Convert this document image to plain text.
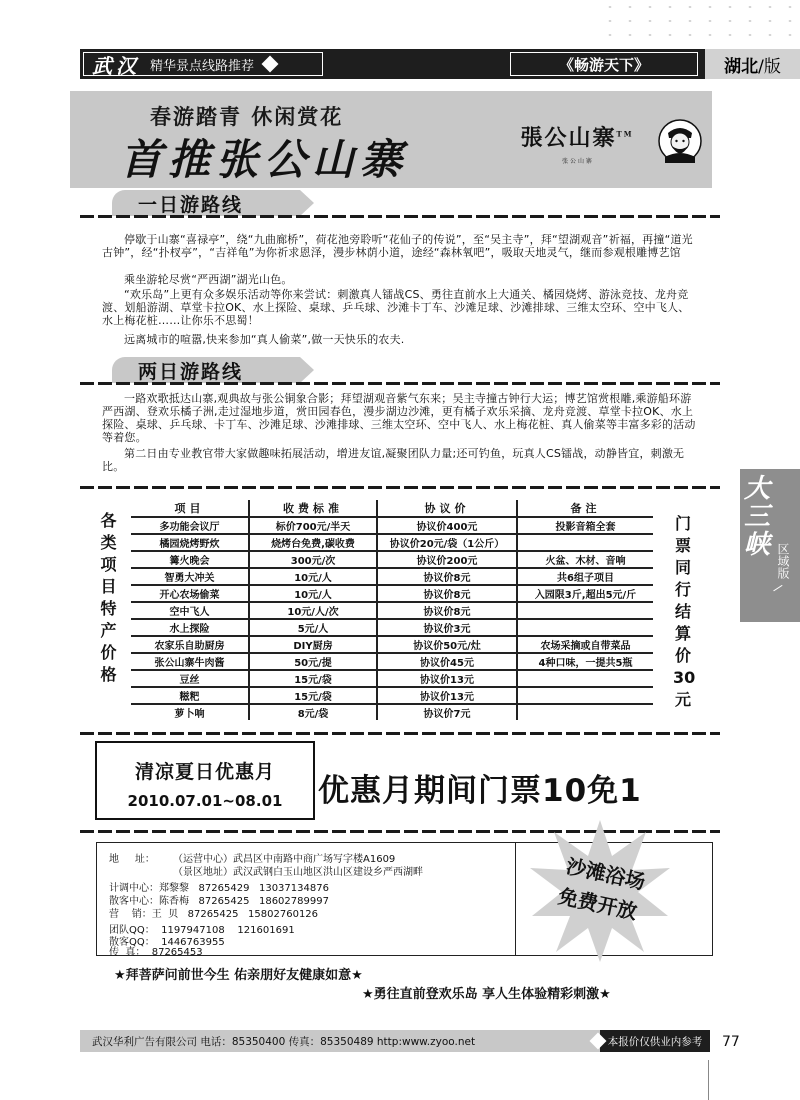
武汉 精华景点线路推荐	《畅游天下》	湖北 /版
春游踏青 休闲赏花
首推张公山寨	張公山寨™
张 公 山 寨
一日游路线
停歇于山寨“喜禄亭”，绕“九曲廊桥”，荷花池旁聆听“花仙子的传说”，至“吴主寺”，拜“望湖观音”祈福，再撞“道光古钟”，经“扑杈亭”，“吉祥龟”为你祈求恩泽，漫步林荫小道，途经“森林氧吧”，吸取天地灵气，继而参观根雕博艺馆
乘坐游轮尽赏“严西湖”湖光山色。
“欢乐岛”上更有众多娱乐活动等你来尝试：刺激真人镭战CS、勇往直前水上大通关、橘园烧烤、游泳竞技、龙舟竞渡、划船游湖、草堂卡拉OK、水上探险、桌球、乒乓球、沙滩卡丁车、沙滩足球、沙滩排球、三维太空环、空中飞人、水上梅花桩……让你乐不思蜀！
远离城市的喧嚣,快来参加“真人偷菜”,做一天快乐的农夫.
两日游路线
一路欢歌抵达山寨,观典故与张公铜象合影；拜望湖观音紫气东来；吴主寺撞古钟行大运；博艺馆赏根雕,乘游船环游严西湖、登欢乐橘子洲,走过湿地步道，赏田园春色，漫步湖边沙滩，更有橘子欢乐采摘、龙舟竞渡、草堂卡拉OK、水上探险、桌球、乒乓球、卡丁车、沙滩足球、沙滩排球、三维太空环、空中飞人、水上梅花桩、真人偷菜等丰富多彩的活动等着您。
第二日由专业教官带大家做趣味拓展活动，增进友谊,凝聚团队力量;还可钓鱼，玩真人CS镭战，动静皆宜，刺激无比。
各类项目特产价格	门
票
同
行
结
算
价
30
元
大三峡 区域版
/
项目	收费标准	协议价	备注
多功能会议厅	标价700元/半天	协议价400元	投影音箱全套
橘园烧烤野炊	烧烤台免费,碳收费	协议价20元/袋（1公斤）	
篝火晚会	300元/次	协议价200元	火盆、木材、音响
智勇大冲关	10元/人	协议价8元	共6组子项目
开心农场偷菜	10元/人	协议价8元	入园限3斤,超出5元/斤
空中飞人	10元/人/次	协议价8元	
水上探险	5元/人	协议价3元	
农家乐自助厨房	DIY厨房	协议价50元/灶	农场采摘或自带菜品
张公山寨牛肉酱	50元/提	协议价45元	4种口味，一提共5瓶
豆丝	15元/袋	协议价13元	
糍粑	15元/袋	协议价13元	
萝卜响	8元/袋	协议价7元	
清凉夏日优惠月
2010.07.01~08.01	优惠月期间门票10免1
地     址： （运营中心）武昌区中南路中商广场写字楼A1609
（景区地址）武汉武钢白玉山地区洪山区建设乡严西湖畔
计调中心：郑黎黎   87265429   13037134876
散客中心：陈香梅   87265425   18602789997
营    销：王  贝   87265425   15802760126
团队QQ：  1197947108    121601691
散客QQ：  1446763955
传  真：  87265453
沙滩浴场
免费开放
★拜菩萨问前世今生 佑亲朋好友健康如意★
★勇往直前登欢乐岛 享人生体验精彩刺激★
武汉华利广告有限公司 电话：85350400 传真：85350489 http:www.zyoo.net	本报价仅供业内参考	77
